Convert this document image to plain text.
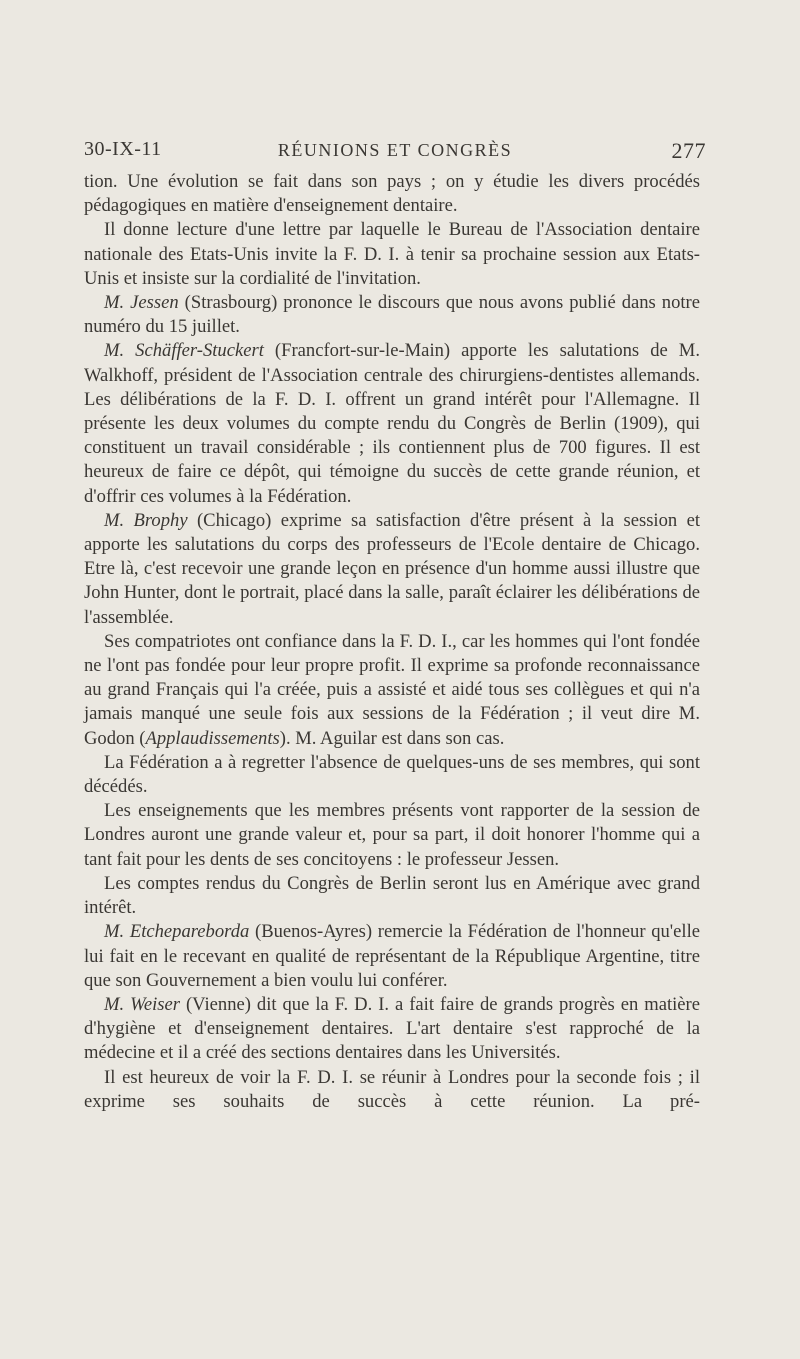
30-IX-11	RÉUNIONS ET CONGRÈS	277

tion. Une évolution se fait dans son pays ; on y étudie les divers procédés pédagogiques en matière d'enseignement dentaire.

Il donne lecture d'une lettre par laquelle le Bureau de l'Association dentaire nationale des Etats-Unis invite la F. D. I. à tenir sa prochaine session aux Etats-Unis et insiste sur la cordialité de l'invitation.

M. Jessen (Strasbourg) prononce le discours que nous avons publié dans notre numéro du 15 juillet.

M. Schäffer-Stuckert (Francfort-sur-le-Main) apporte les salutations de M. Walkhoff, président de l'Association centrale des chirurgiens-dentistes allemands. Les délibérations de la F. D. I. offrent un grand intérêt pour l'Allemagne. Il présente les deux volumes du compte rendu du Congrès de Berlin (1909), qui constituent un travail considérable ; ils contiennent plus de 700 figures. Il est heureux de faire ce dépôt, qui témoigne du succès de cette grande réunion, et d'offrir ces volumes à la Fédération.

M. Brophy (Chicago) exprime sa satisfaction d'être présent à la session et apporte les salutations du corps des professeurs de l'Ecole dentaire de Chicago. Etre là, c'est recevoir une grande leçon en présence d'un homme aussi illustre que John Hunter, dont le portrait, placé dans la salle, paraît éclairer les délibérations de l'assemblée.

Ses compatriotes ont confiance dans la F. D. I., car les hommes qui l'ont fondée ne l'ont pas fondée pour leur propre profit. Il exprime sa profonde reconnaissance au grand Français qui l'a créée, puis a assisté et aidé tous ses collègues et qui n'a jamais manqué une seule fois aux sessions de la Fédération ; il veut dire M. Godon (Applaudissements). M. Aguilar est dans son cas.

La Fédération a à regretter l'absence de quelques-uns de ses membres, qui sont décédés.

Les enseignements que les membres présents vont rapporter de la session de Londres auront une grande valeur et, pour sa part, il doit honorer l'homme qui a tant fait pour les dents de ses concitoyens : le professeur Jessen.

Les comptes rendus du Congrès de Berlin seront lus en Amérique avec grand intérêt.

M. Etchepareborda (Buenos-Ayres) remercie la Fédération de l'honneur qu'elle lui fait en le recevant en qualité de représentant de la République Argentine, titre que son Gouvernement a bien voulu lui conférer.

M. Weiser (Vienne) dit que la F. D. I. a fait faire de grands progrès en matière d'hygiène et d'enseignement dentaires. L'art dentaire s'est rapproché de la médecine et il a créé des sections dentaires dans les Universités.

Il est heureux de voir la F. D. I. se réunir à Londres pour la seconde fois ; il exprime ses souhaits de succès à cette réunion. La pré-
